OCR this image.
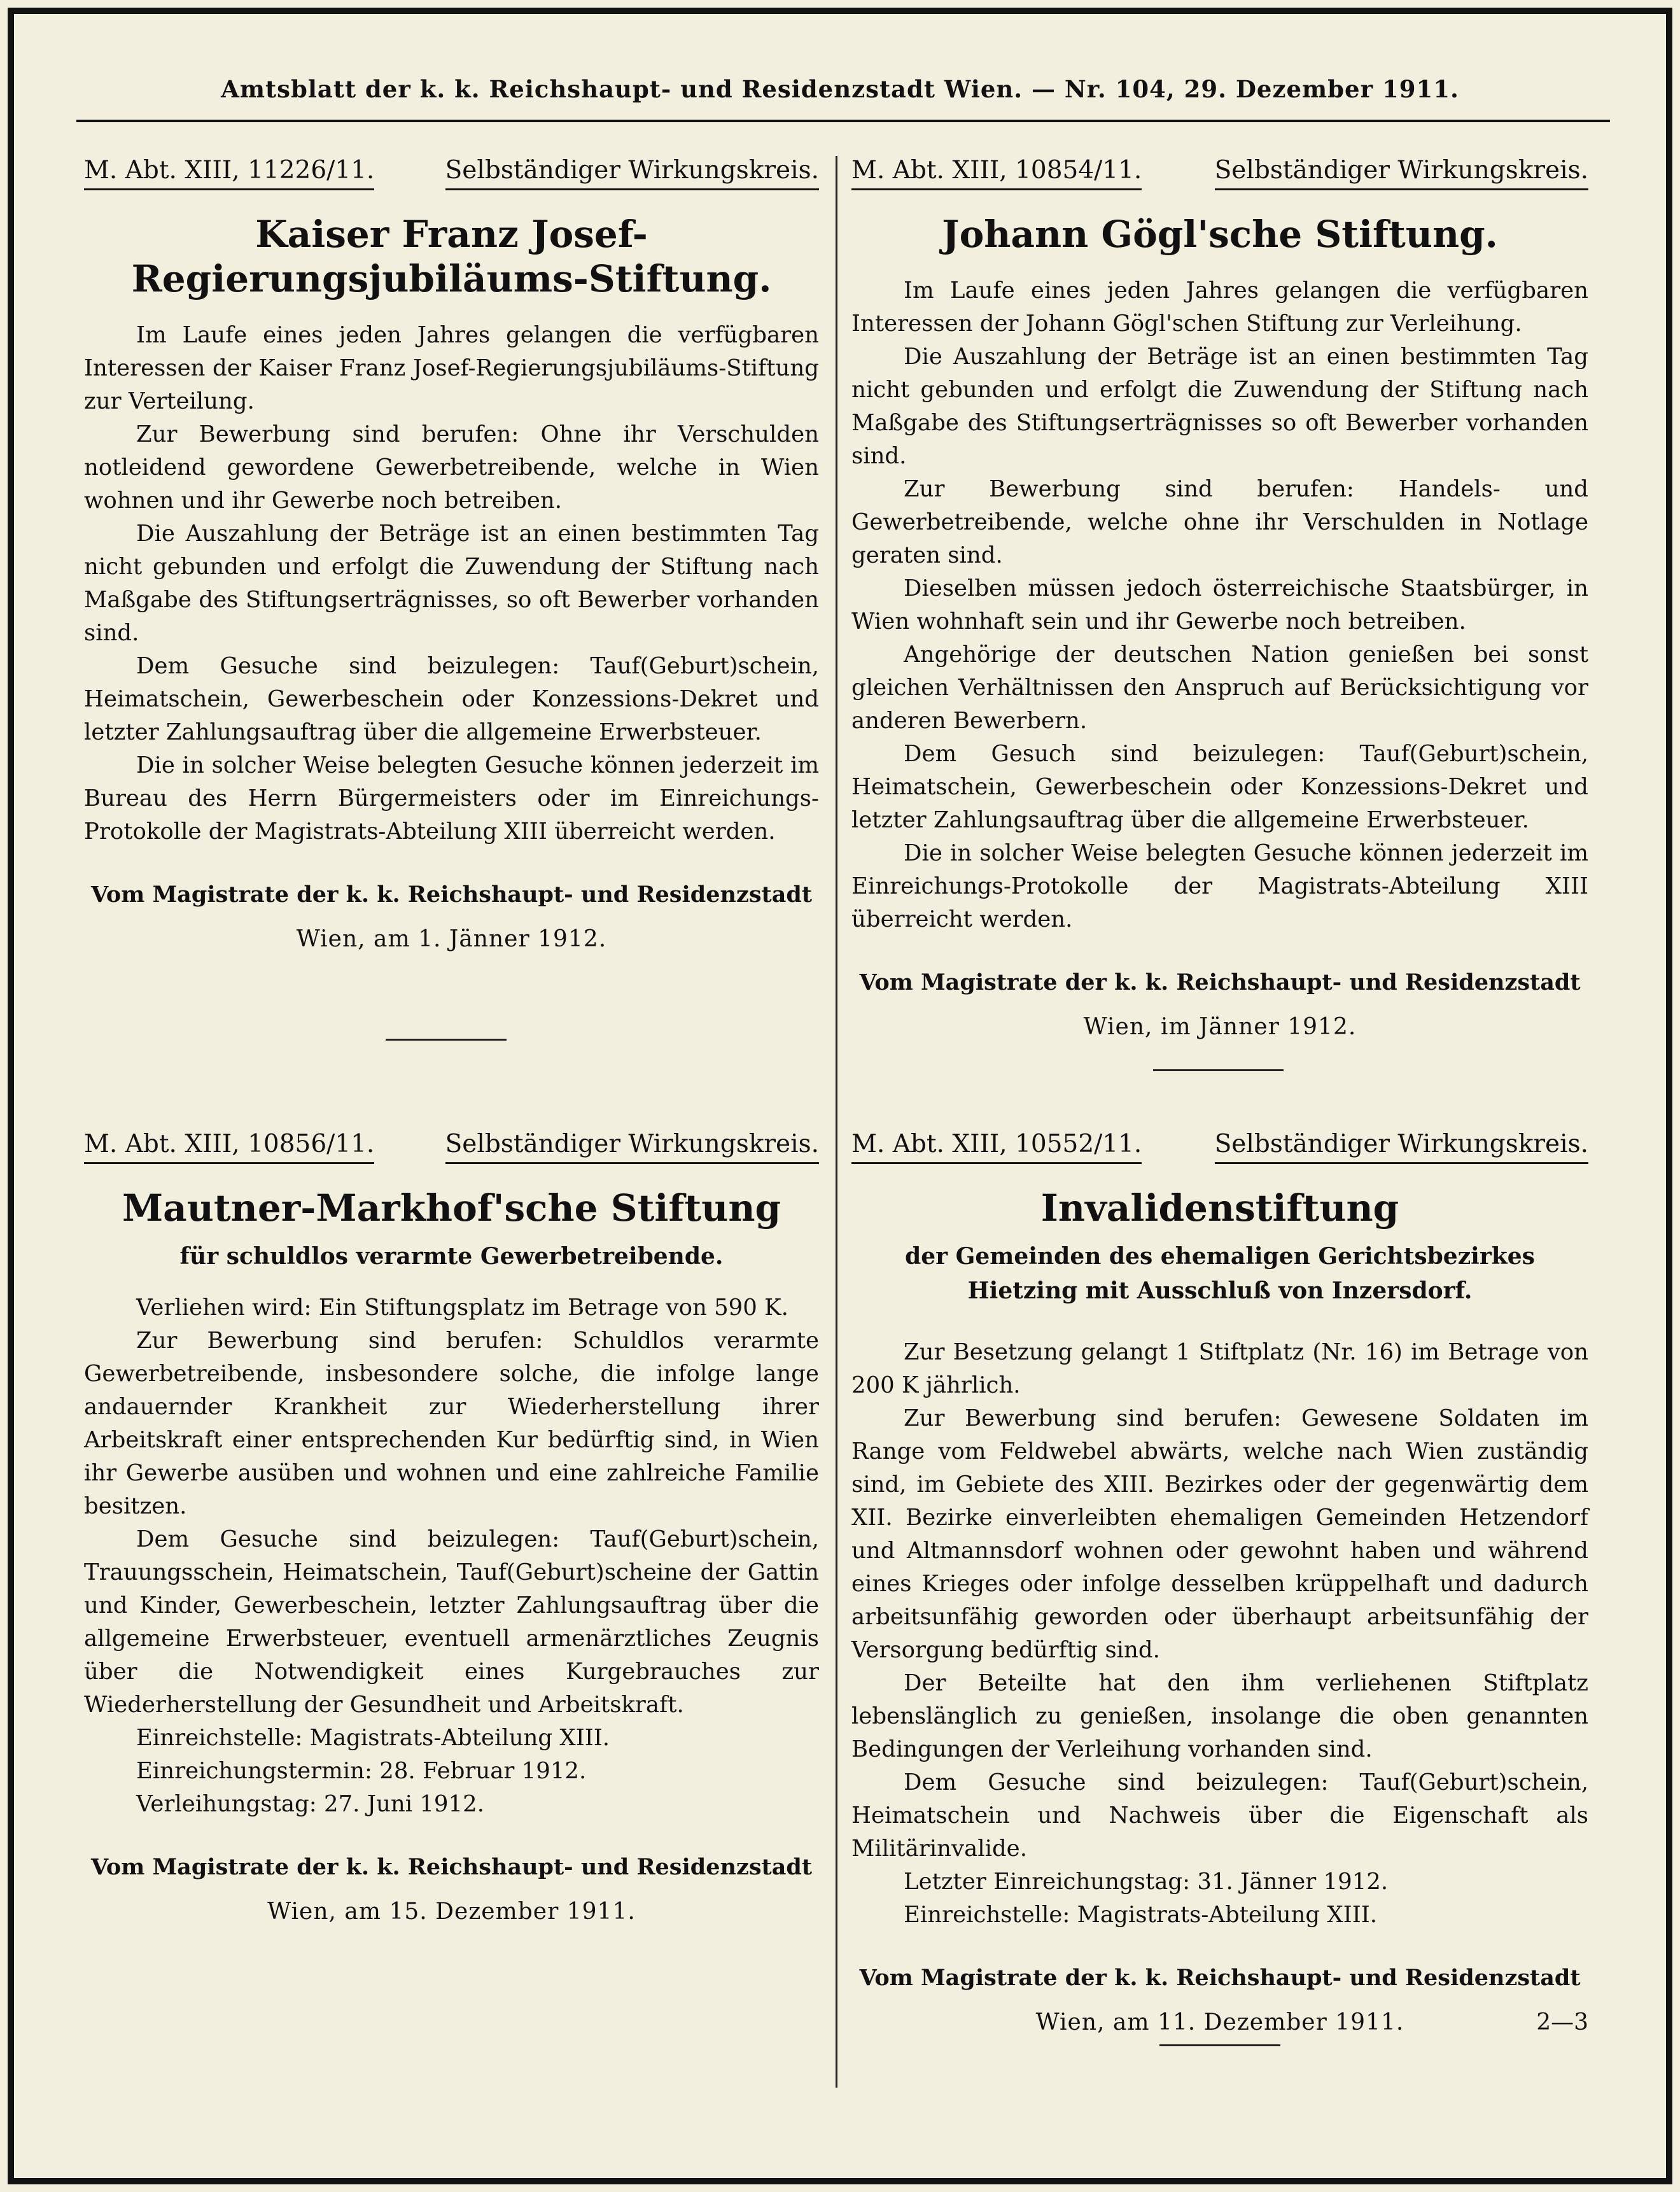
Amtsblatt der k. k. Reichshaupt- und Residenzstadt Wien. — Nr. 104, 29. Dezember 1911.
M. Abt. XIII, 11226/11.	Selbständiger Wirkungskreis.
Kaiser Franz Josef-Regierungsjubiläums-Stiftung.

Im Laufe eines jeden Jahres gelangen die verfügbaren Interessen der Kaiser Franz Josef-Regierungsjubiläums-Stiftung zur Verteilung.

Zur Bewerbung sind berufen: Ohne ihr Verschulden notleidend gewordene Gewerbetreibende, welche in Wien wohnen und ihr Gewerbe noch betreiben.

Die Auszahlung der Beträge ist an einen bestimmten Tag nicht gebunden und erfolgt die Zuwendung der Stiftung nach Maßgabe des Stiftungserträgnisses, so oft Bewerber vorhanden sind.

Dem Gesuche sind beizulegen: Tauf(Geburt)schein, Heimatschein, Gewerbeschein oder Konzessions-Dekret und letzter Zahlungsauftrag über die allgemeine Erwerbsteuer.

Die in solcher Weise belegten Gesuche können jederzeit im Bureau des Herrn Bürgermeisters oder im Einreichungs-Protokolle der Magistrats-Abteilung XIII überreicht werden.

Vom Magistrate der k. k. Reichshaupt- und Residenzstadt
Wien, am 1. Jänner 1912.
M. Abt. XIII, 10854/11.	Selbständiger Wirkungskreis.
Johann Gögl'sche Stiftung.

Im Laufe eines jeden Jahres gelangen die verfügbaren Interessen der Johann Gögl'schen Stiftung zur Verleihung.

Die Auszahlung der Beträge ist an einen bestimmten Tag nicht gebunden und erfolgt die Zuwendung der Stiftung nach Maßgabe des Stiftungserträgnisses so oft Bewerber vorhanden sind.

Zur Bewerbung sind berufen: Handels- und Gewerbetreibende, welche ohne ihr Verschulden in Notlage geraten sind.

Dieselben müssen jedoch österreichische Staatsbürger, in Wien wohnhaft sein und ihr Gewerbe noch betreiben.

Angehörige der deutschen Nation genießen bei sonst gleichen Verhältnissen den Anspruch auf Berücksichtigung vor anderen Bewerbern.

Dem Gesuch sind beizulegen: Tauf(Geburt)schein, Heimatschein, Gewerbeschein oder Konzessions-Dekret und letzter Zahlungsauftrag über die allgemeine Erwerbsteuer.

Die in solcher Weise belegten Gesuche können jederzeit im Einreichungs-Protokolle der Magistrats-Abteilung XIII überreicht werden.

Vom Magistrate der k. k. Reichshaupt- und Residenzstadt
Wien, im Jänner 1912.
M. Abt. XIII, 10856/11.	Selbständiger Wirkungskreis.
Mautner-Markhof'sche Stiftung
für schuldlos verarmte Gewerbetreibende.

Verliehen wird: Ein Stiftungsplatz im Betrage von 590 K.

Zur Bewerbung sind berufen: Schuldlos verarmte Gewerbetreibende, insbesondere solche, die infolge lange andauernder Krankheit zur Wiederherstellung ihrer Arbeitskraft einer entsprechenden Kur bedürftig sind, in Wien ihr Gewerbe ausüben und wohnen und eine zahlreiche Familie besitzen.

Dem Gesuche sind beizulegen: Tauf(Geburt)schein, Trauungsschein, Heimatschein, Tauf(Geburt)scheine der Gattin und Kinder, Gewerbeschein, letzter Zahlungsauftrag über die allgemeine Erwerbsteuer, eventuell armenärztliches Zeugnis über die Notwendigkeit eines Kurgebrauches zur Wiederherstellung der Gesundheit und Arbeitskraft.

Einreichstelle: Magistrats-Abteilung XIII.

Einreichungstermin: 28. Februar 1912.

Verleihungstag: 27. Juni 1912.

Vom Magistrate der k. k. Reichshaupt- und Residenzstadt
Wien, am 15. Dezember 1911.
M. Abt. XIII, 10552/11.	Selbständiger Wirkungskreis.
Invalidenstiftung
der Gemeinden des ehemaligen Gerichtsbezirkes Hietzing mit Ausschluß von Inzersdorf.

Zur Besetzung gelangt 1 Stiftplatz (Nr. 16) im Betrage von 200 K jährlich.

Zur Bewerbung sind berufen: Gewesene Soldaten im Range vom Feldwebel abwärts, welche nach Wien zuständig sind, im Gebiete des XIII. Bezirkes oder der gegenwärtig dem XII. Bezirke einverleibten ehemaligen Gemeinden Hetzendorf und Altmannsdorf wohnen oder gewohnt haben und während eines Krieges oder infolge desselben krüppelhaft und dadurch arbeitsunfähig geworden oder überhaupt arbeitsunfähig der Versorgung bedürftig sind.

Der Beteilte hat den ihm verliehenen Stiftplatz lebenslänglich zu genießen, insolange die oben genannten Bedingungen der Verleihung vorhanden sind.

Dem Gesuche sind beizulegen: Tauf(Geburt)schein, Heimatschein und Nachweis über die Eigenschaft als Militärinvalide.

Letzter Einreichungstag: 31. Jänner 1912.

Einreichstelle: Magistrats-Abteilung XIII.

Vom Magistrate der k. k. Reichshaupt- und Residenzstadt
Wien, am 11. Dezember 1911.	2—3
